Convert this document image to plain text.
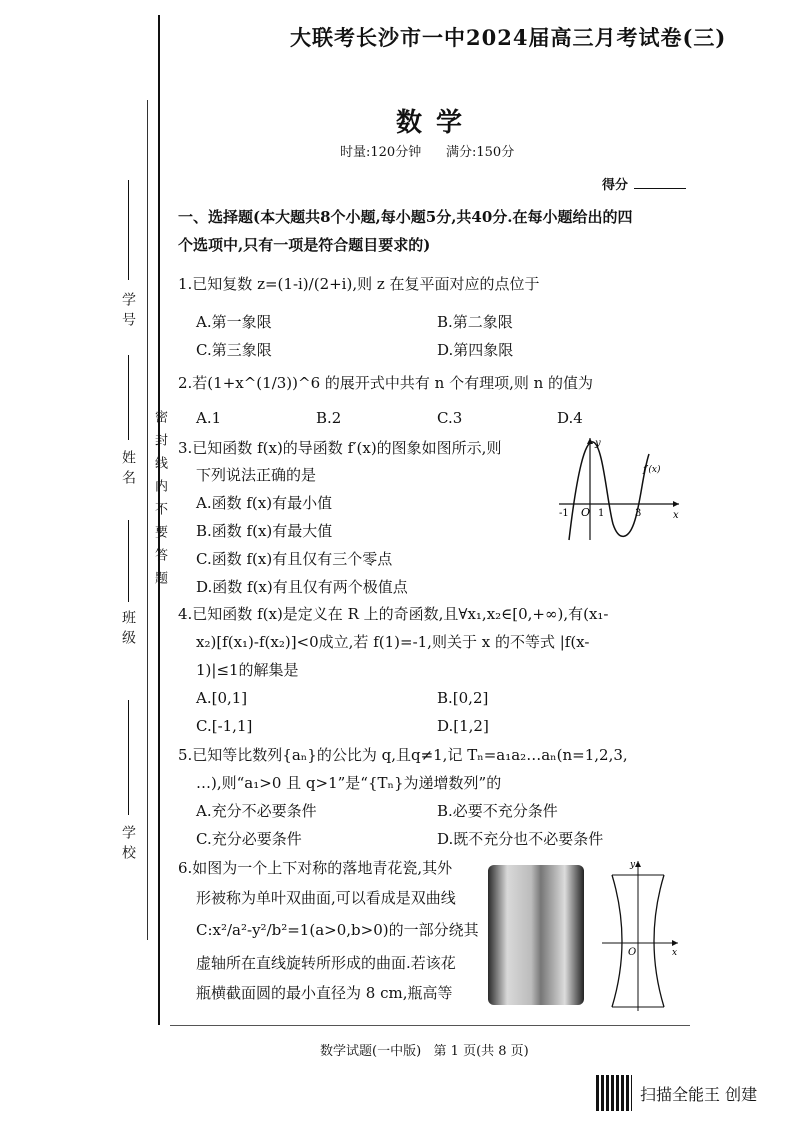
学号
姓名
班级
学校
密封线内不要答题
大联考长沙市一中2024届高三月考试卷(三)
数学
时量:120分钟 满分:150分
得分
一、选择题(本大题共8个小题,每小题5分,共40分.在每小题给出的四
个选项中,只有一项是符合题目要求的)
1.已知复数 z=(1-i)/(2+i),则 z 在复平面对应的点位于
A.第一象限	B.第二象限
C.第三象限	D.第四象限
2.若(1+x^(1/3))^6 的展开式中共有 n 个有理项,则 n 的值为
A.1	B.2	C.3	D.4
3.已知函数 f(x)的导函数 f′(x)的图象如图所示,则
下列说法正确的是
A.函数 f(x)有最小值
B.函数 f(x)有最大值
C.函数 f(x)有且仅有三个零点
D.函数 f(x)有且仅有两个极值点
y
x
O
-1	1	3
f′(x)
4.已知函数 f(x)是定义在 R 上的奇函数,且∀x₁,x₂∈[0,+∞),有(x₁-
x₂)[f(x₁)-f(x₂)]<0成立,若 f(1)=-1,则关于 x 的不等式 |f(x-
1)|≤1的解集是
A.[0,1]	B.[0,2]
C.[-1,1]	D.[1,2]
5.已知等比数列{aₙ}的公比为 q,且q≠1,记 Tₙ=a₁a₂…aₙ(n=1,2,3,
…),则“a₁>0 且 q>1”是“{Tₙ}为递增数列”的
A.充分不必要条件	B.必要不充分条件
C.充分必要条件	D.既不充分也不必要条件
6.如图为一个上下对称的落地青花瓷,其外
形被称为单叶双曲面,可以看成是双曲线
C:x²/a²-y²/b²=1(a>0,b>0)的一部分绕其
虚轴所在直线旋转所形成的曲面.若该花
瓶横截面圆的最小直径为 8 cm,瓶高等
y
x
O
数学试题(一中版)   第 1 页(共 8 页)
扫描全能王 创建
